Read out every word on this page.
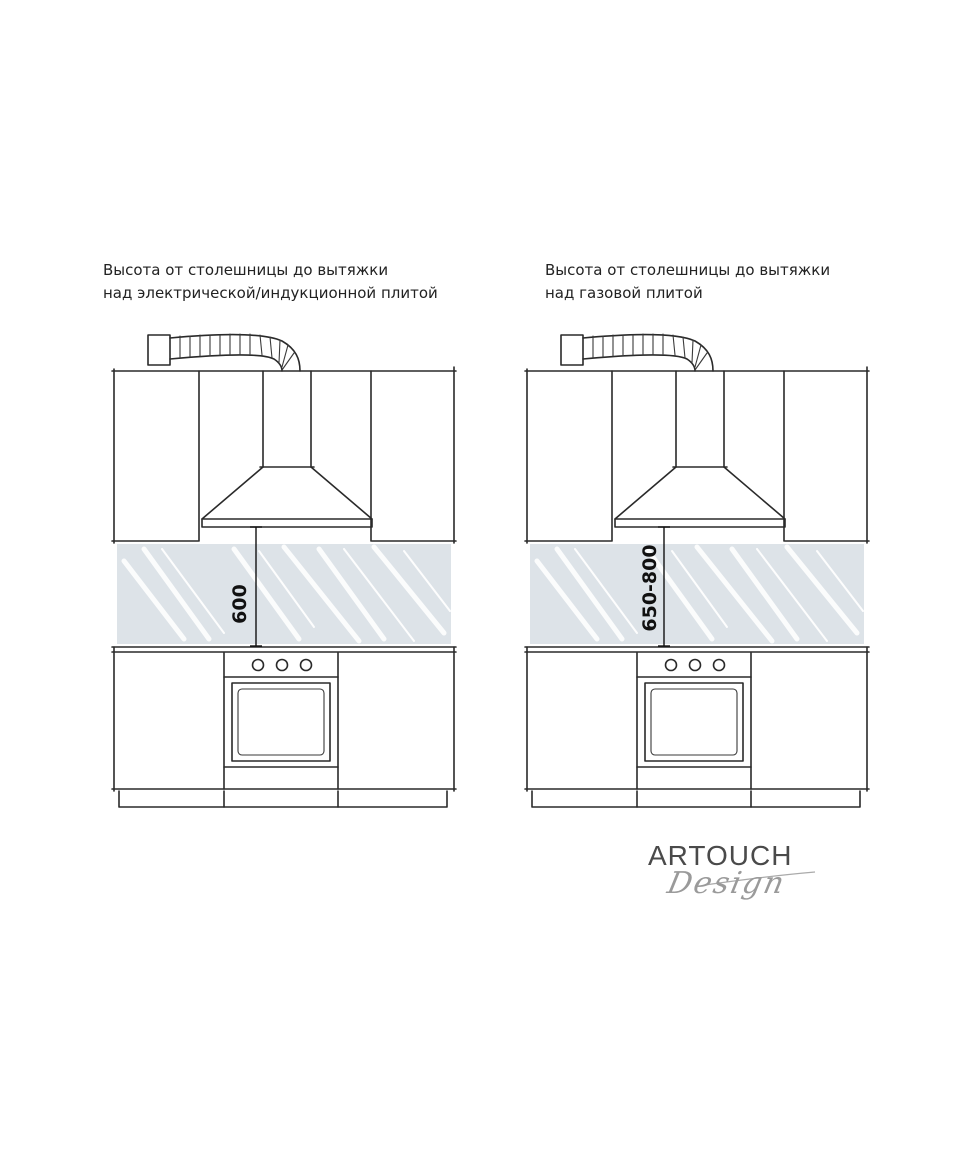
Высота от столешницы до вытяжки
над электрической/индукционной плитой
Высота от столешницы до вытяжки
над газовой плитой
600	650-800
ARTOUCH
Design
